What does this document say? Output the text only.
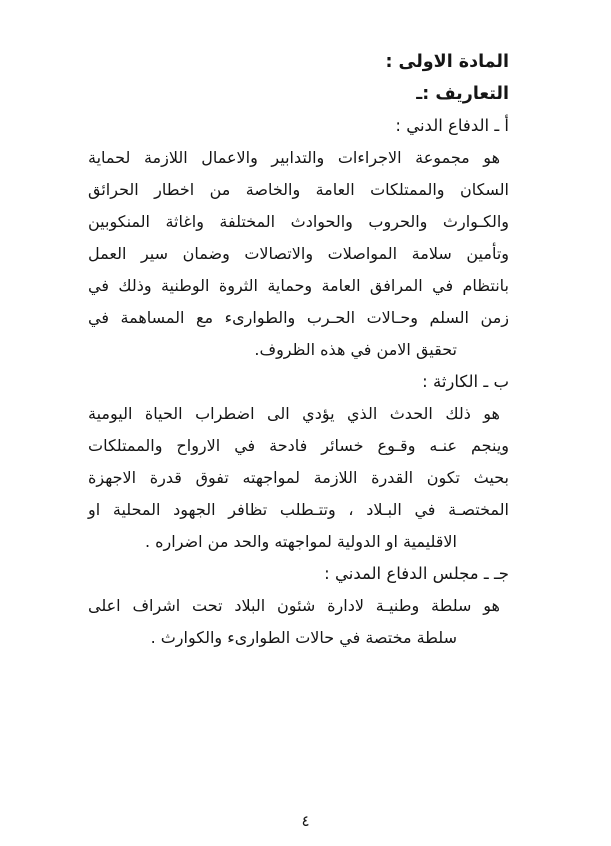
المادة الاولى :
التعاريف :ـ
أ ـ الدفاع الدني :
هو مجموعة الاجراءات والتدابير والاعمال اللازمة لحماية
السكان والممتلكات العامة والخاصة من اخطار الحرائق
والكـوارث والحروب والحوادث المختلفة واغاثة المنكوبين
وتأمين سلامة المواصلات والاتصالات وضمان سير العمل
بانتظام في المرافق العامة وحماية الثروة الوطنية وذلك في
زمن السلم وحـالات الحـرب والطوارىء مع المساهمة في
تحقيق الامن في هذه الظروف.
ب ـ الكارثة :
هو ذلك الحدث الذي يؤدي الى اضطراب الحياة اليومية
وينجم عنـه وقـوع خسائر فادحة في الارواح والممتلكات
بحيث تكون القدرة اللازمة لمواجهته تفوق قدرة الاجهزة
المختصـة في البـلاد ، وتتـطلب تظافر الجهود المحلية او
الاقليمية او الدولية لمواجهته والحد من اضراره .
جـ ـ مجلس الدفاع المدني :
هو سلطة وطنيـة لادارة شئون البلاد تحت اشراف اعلى
سلطة مختصة في حالات الطوارىء والكوارث .
٤
